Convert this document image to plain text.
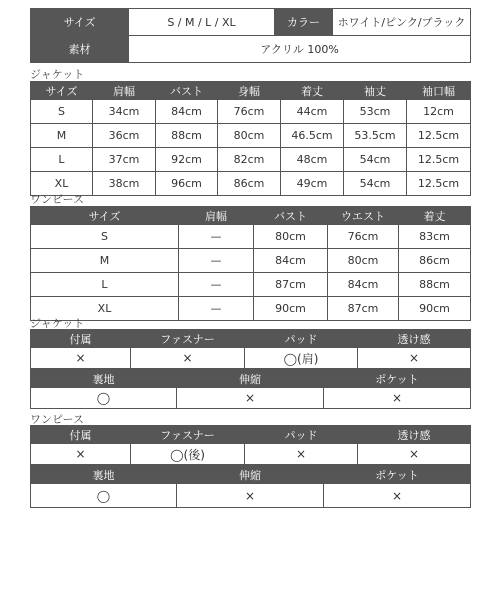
サイズ	S / M / L / XL	カラー	ホワイト/ピンク/ブラック
素材	アクリル 100%		
ジャケット
サイズ	肩幅	バスト	身幅	着丈	袖丈	袖口幅
S	34cm	84cm	76cm	44cm	53cm	12cm
M	36cm	88cm	80cm	46.5cm	53.5cm	12.5cm
L	37cm	92cm	82cm	48cm	54cm	12.5cm
XL	38cm	96cm	86cm	49cm	54cm	12.5cm
ワンピース
サイズ	肩幅	バスト	ウエスト	着丈
S	—	80cm	76cm	83cm
M	—	84cm	80cm	86cm
L	—	87cm	84cm	88cm
XL	—	90cm	87cm	90cm
ジャケット
付属	ファスナー	パッド	透け感
×	×	◯(肩)	×
裏地	伸縮	ポケット
◯	×	×
ワンピース
付属	ファスナー	パッド	透け感
×	◯(後)	×	×
裏地	伸縮	ポケット
◯	×	×
